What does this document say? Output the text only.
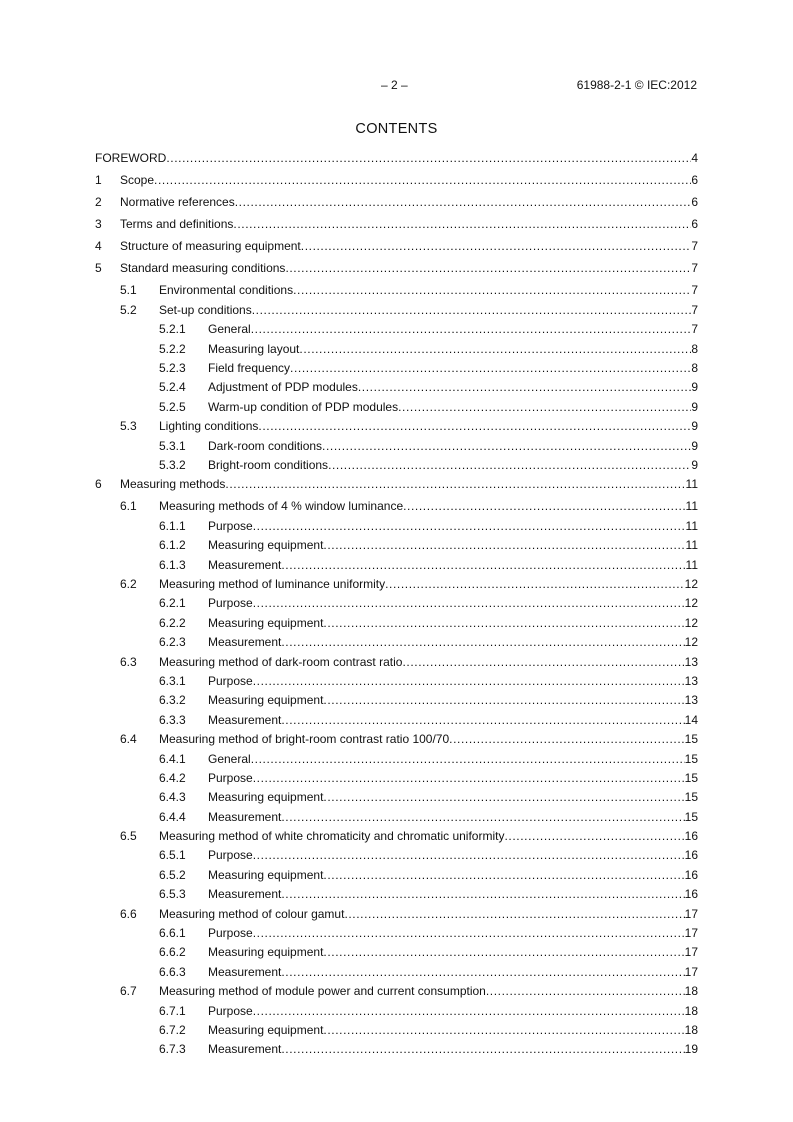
– 2 –	61988-2-1 © IEC:2012
CONTENTS
FOREWORD .....	4
1	Scope .....	6
2	Normative references .....	6
3	Terms and definitions .....	6
4	Structure of measuring equipment .....	7
5	Standard measuring conditions .....	7
5.1	Environmental conditions .....	7
5.2	Set-up conditions .....	7
5.2.1	General .....	7
5.2.2	Measuring layout .....	8
5.2.3	Field frequency .....	8
5.2.4	Adjustment of PDP modules .....	9
5.2.5	Warm-up condition of PDP modules .....	9
5.3	Lighting conditions .....	9
5.3.1	Dark-room conditions .....	9
5.3.2	Bright-room conditions .....	9
6	Measuring methods .....	11
6.1	Measuring methods of 4 % window luminance .....	11
6.1.1	Purpose .....	11
6.1.2	Measuring equipment .....	11
6.1.3	Measurement .....	11
6.2	Measuring method of luminance uniformity .....	12
6.2.1	Purpose .....	12
6.2.2	Measuring equipment .....	12
6.2.3	Measurement .....	12
6.3	Measuring method of dark-room contrast ratio .....	13
6.3.1	Purpose .....	13
6.3.2	Measuring equipment .....	13
6.3.3	Measurement .....	14
6.4	Measuring method of bright-room contrast ratio 100/70 .....	15
6.4.1	General .....	15
6.4.2	Purpose .....	15
6.4.3	Measuring equipment .....	15
6.4.4	Measurement .....	15
6.5	Measuring method of white chromaticity and chromatic uniformity .....	16
6.5.1	Purpose .....	16
6.5.2	Measuring equipment .....	16
6.5.3	Measurement .....	16
6.6	Measuring method of colour gamut .....	17
6.6.1	Purpose .....	17
6.6.2	Measuring equipment .....	17
6.6.3	Measurement .....	17
6.7	Measuring method of module power and current consumption .....	18
6.7.1	Purpose .....	18
6.7.2	Measuring equipment .....	18
6.7.3	Measurement .....	19
